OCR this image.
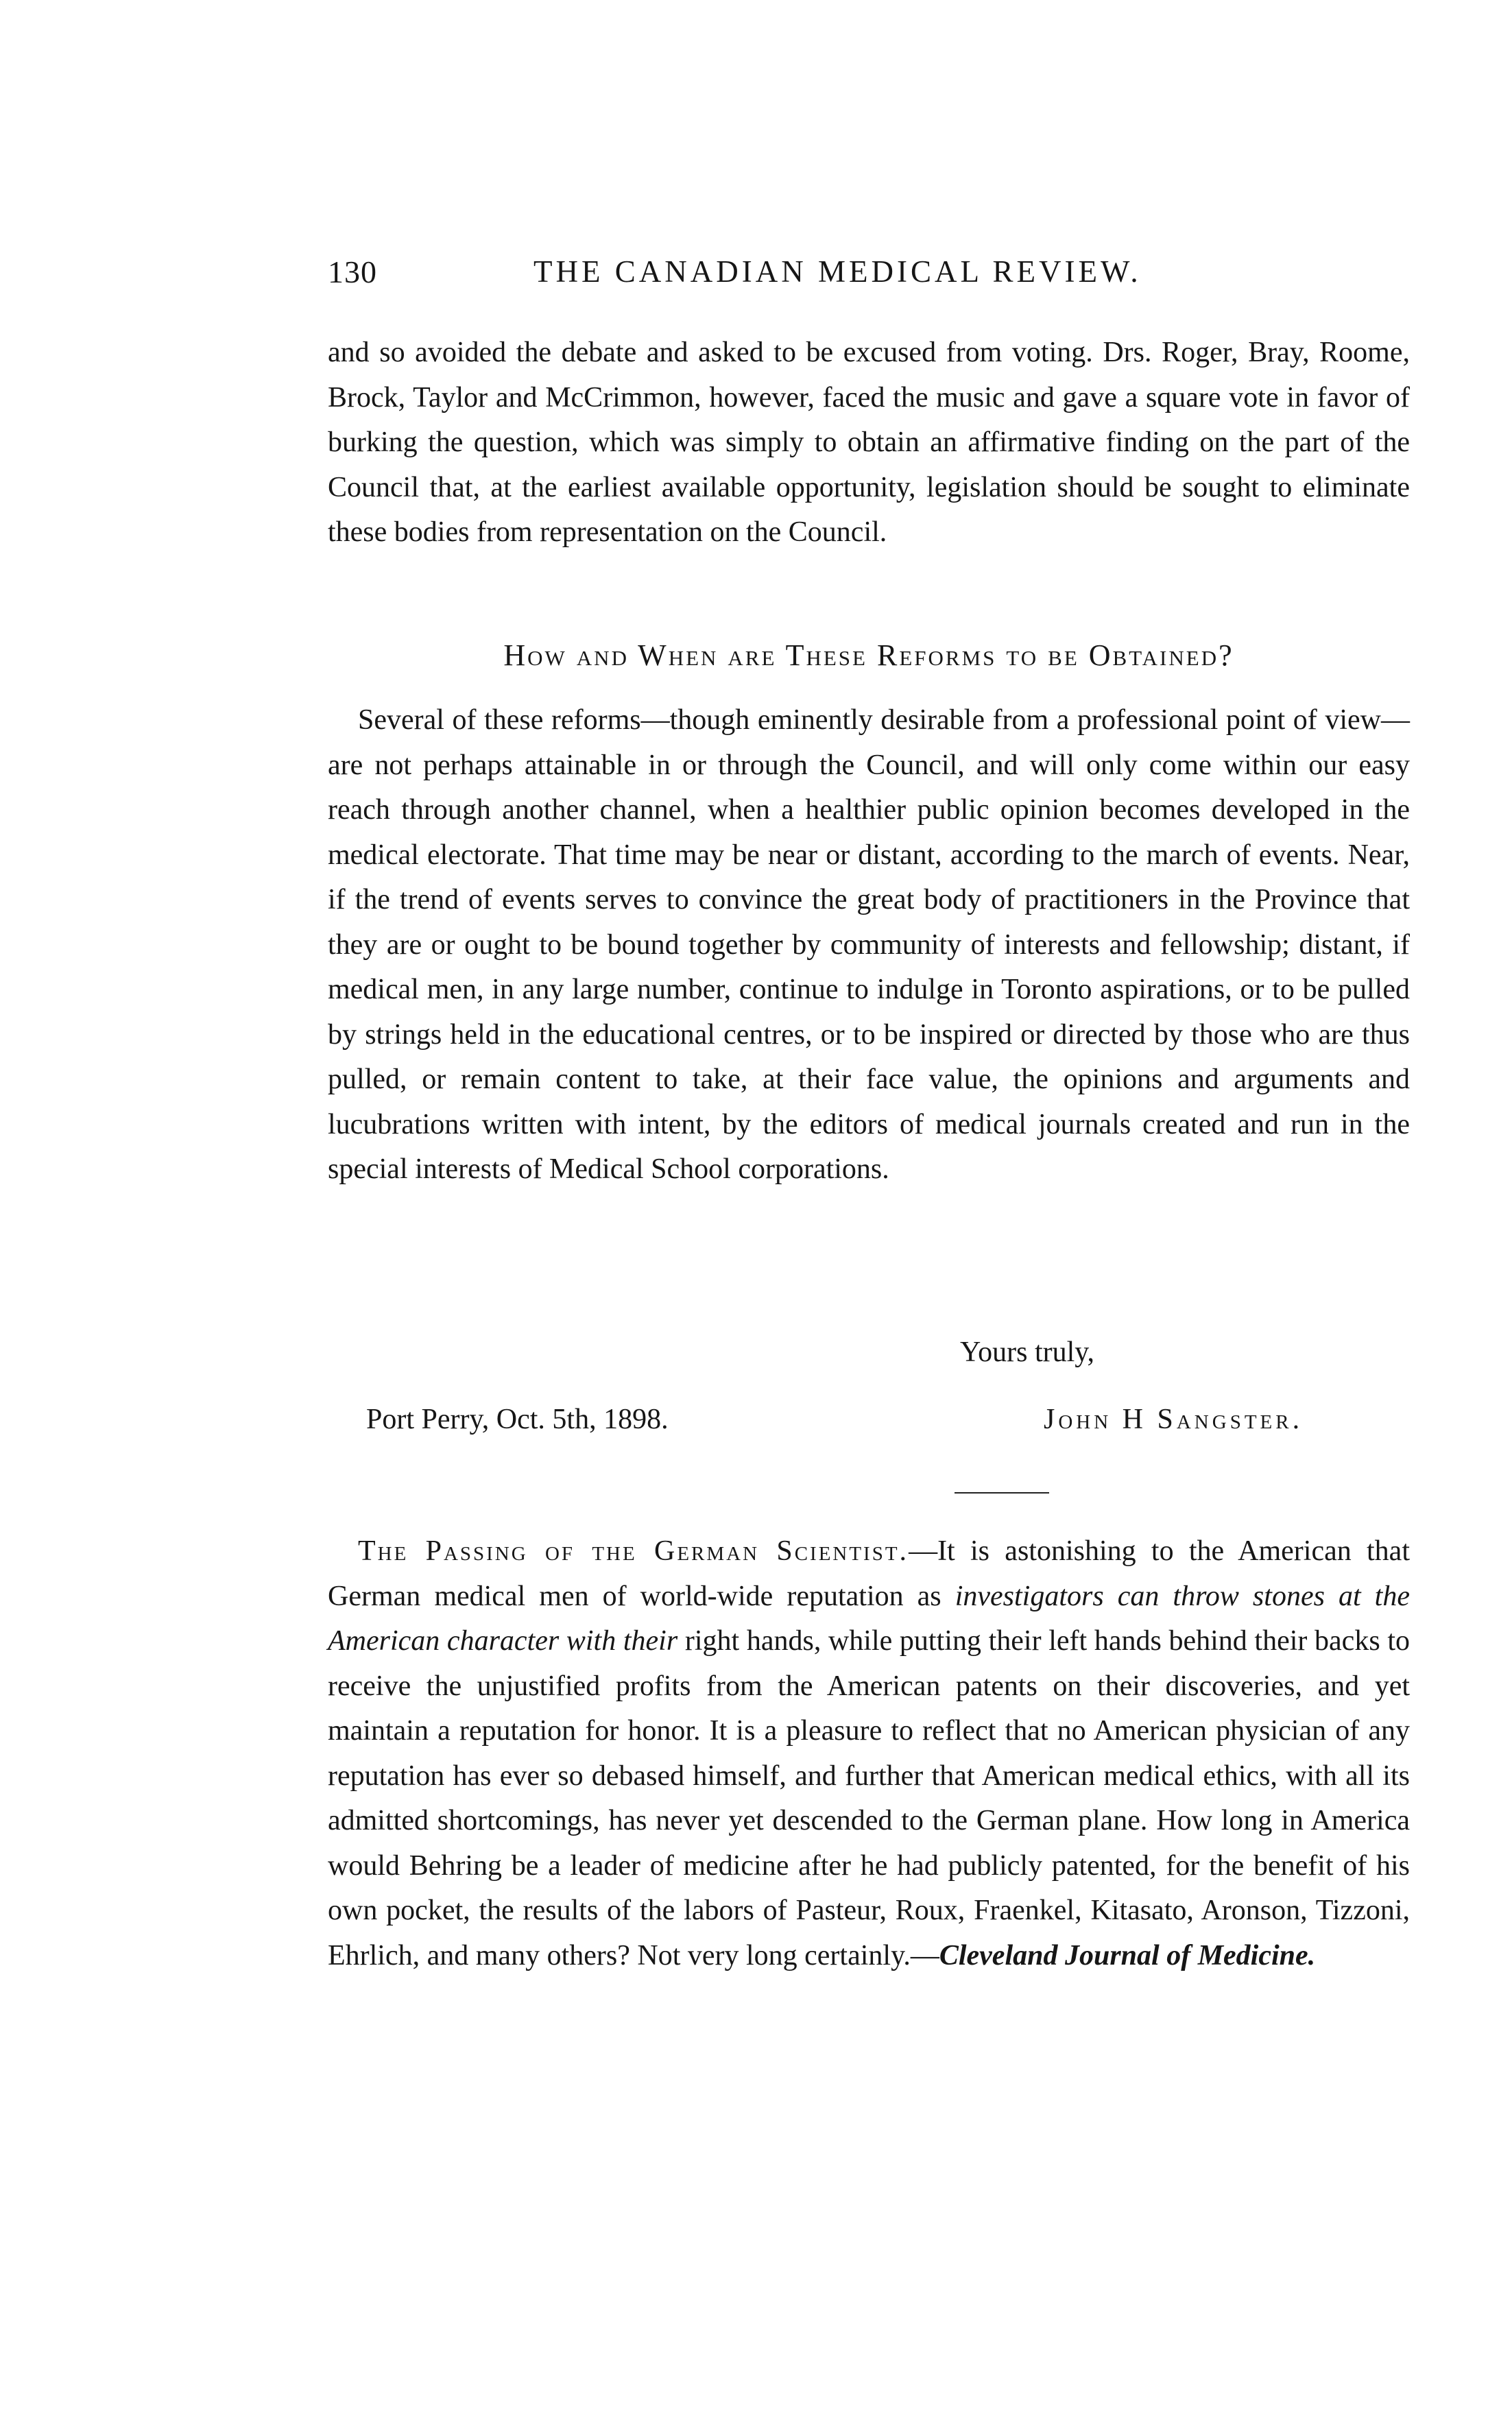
130	THE CANADIAN MEDICAL REVIEW.

and so avoided the debate and asked to be excused from voting. Drs. Roger, Bray, Roome, Brock, Taylor and McCrimmon, however, faced the music and gave a square vote in favor of burking the question, which was simply to obtain an affirmative finding on the part of the Council that, at the earliest available opportunity, legislation should be sought to eliminate these bodies from representation on the Council.

How and When are These Reforms to be Obtained?

Several of these reforms—though eminently desirable from a professional point of view—are not perhaps attainable in or through the Council, and will only come within our easy reach through another channel, when a healthier public opinion becomes developed in the medical electorate. That time may be near or distant, according to the march of events. Near, if the trend of events serves to convince the great body of practitioners in the Province that they are or ought to be bound together by community of interests and fellowship; distant, if medical men, in any large number, continue to indulge in Toronto aspirations, or to be pulled by strings held in the educational centres, or to be inspired or directed by those who are thus pulled, or remain content to take, at their face value, the opinions and arguments and lucubrations written with intent, by the editors of medical journals created and run in the special interests of Medical School corporations.

Yours truly,
Port Perry, Oct. 5th, 1898.	John H Sangster.

The Passing of the German Scientist.—It is astonishing to the American that German medical men of world-wide reputation as investigators can throw stones at the American character with their right hands, while putting their left hands behind their backs to receive the unjustified profits from the American patents on their discoveries, and yet maintain a reputation for honor. It is a pleasure to reflect that no American physician of any reputation has ever so debased himself, and further that American medical ethics, with all its admitted shortcomings, has never yet descended to the German plane. How long in America would Behring be a leader of medicine after he had publicly patented, for the benefit of his own pocket, the results of the labors of Pasteur, Roux, Fraenkel, Kitasato, Aronson, Tizzoni, Ehrlich, and many others? Not very long certainly.—Cleveland Journal of Medicine.
